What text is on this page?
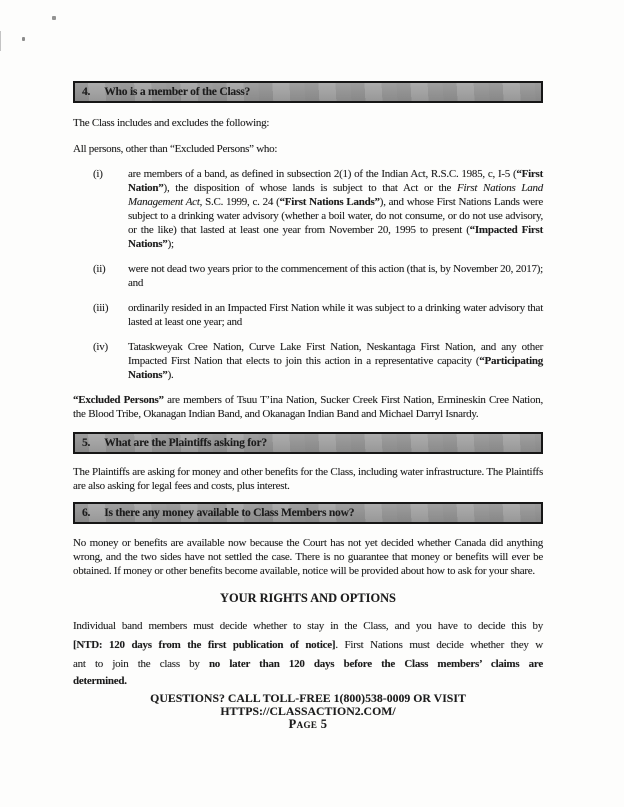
4.	Who is a member of the Class?

The Class includes and excludes the following:

All persons, other than “Excluded Persons” who:

(i)	are members of a band, as defined in subsection 2(1) of the Indian Act, R.S.C. 1985, c, I-5 (“First Nation”), the disposition of whose lands is subject to that Act or the First Nations Land Management Act, S.C. 1999, c. 24 (“First Nations Lands”), and whose First Nations Lands were subject to a drinking water advisory (whether a boil water, do not consume, or do not use advisory, or the like) that lasted at least one year from November 20, 1995 to present (“Impacted First Nations”);
(ii)	were not dead two years prior to the commencement of this action (that is, by November 20, 2017); and
(iii)	ordinarily resided in an Impacted First Nation while it was subject to a drinking water advisory that lasted at least one year; and
(iv)	Tataskweyak Cree Nation, Curve Lake First Nation, Neskantaga First Nation, and any other Impacted First Nation that elects to join this action in a representative capacity (“Participating Nations”).

“Excluded Persons” are members of Tsuu T’ina Nation, Sucker Creek First Nation, Ermineskin Cree Nation, the Blood Tribe, Okanagan Indian Band, and Okanagan Indian Band and Michael Darryl Isnardy.

5.	What are the Plaintiffs asking for?

The Plaintiffs are asking for money and other benefits for the Class, including water infrastructure. The Plaintiffs are also asking for legal fees and costs, plus interest.

6.	Is there any money available to Class Members now?

No money or benefits are available now because the Court has not yet decided whether Canada did anything wrong, and the two sides have not settled the case. There is no guarantee that money or benefits will ever be obtained. If money or other benefits become available, notice will be provided about how to ask for your share.

YOUR RIGHTS AND OPTIONS
Individual band members must decide whether to stay in the Class, and you have to decide this by
[NTD: 120 days from the first publication of notice]. First Nations must decide whether they w
ant to join the class by no later than 120 days before the Class members’ claims are
determined.
QUESTIONS? CALL TOLL-FREE 1(800)538-0009 OR VISIT
HTTPS://CLASSACTION2.COM/
Page 5
